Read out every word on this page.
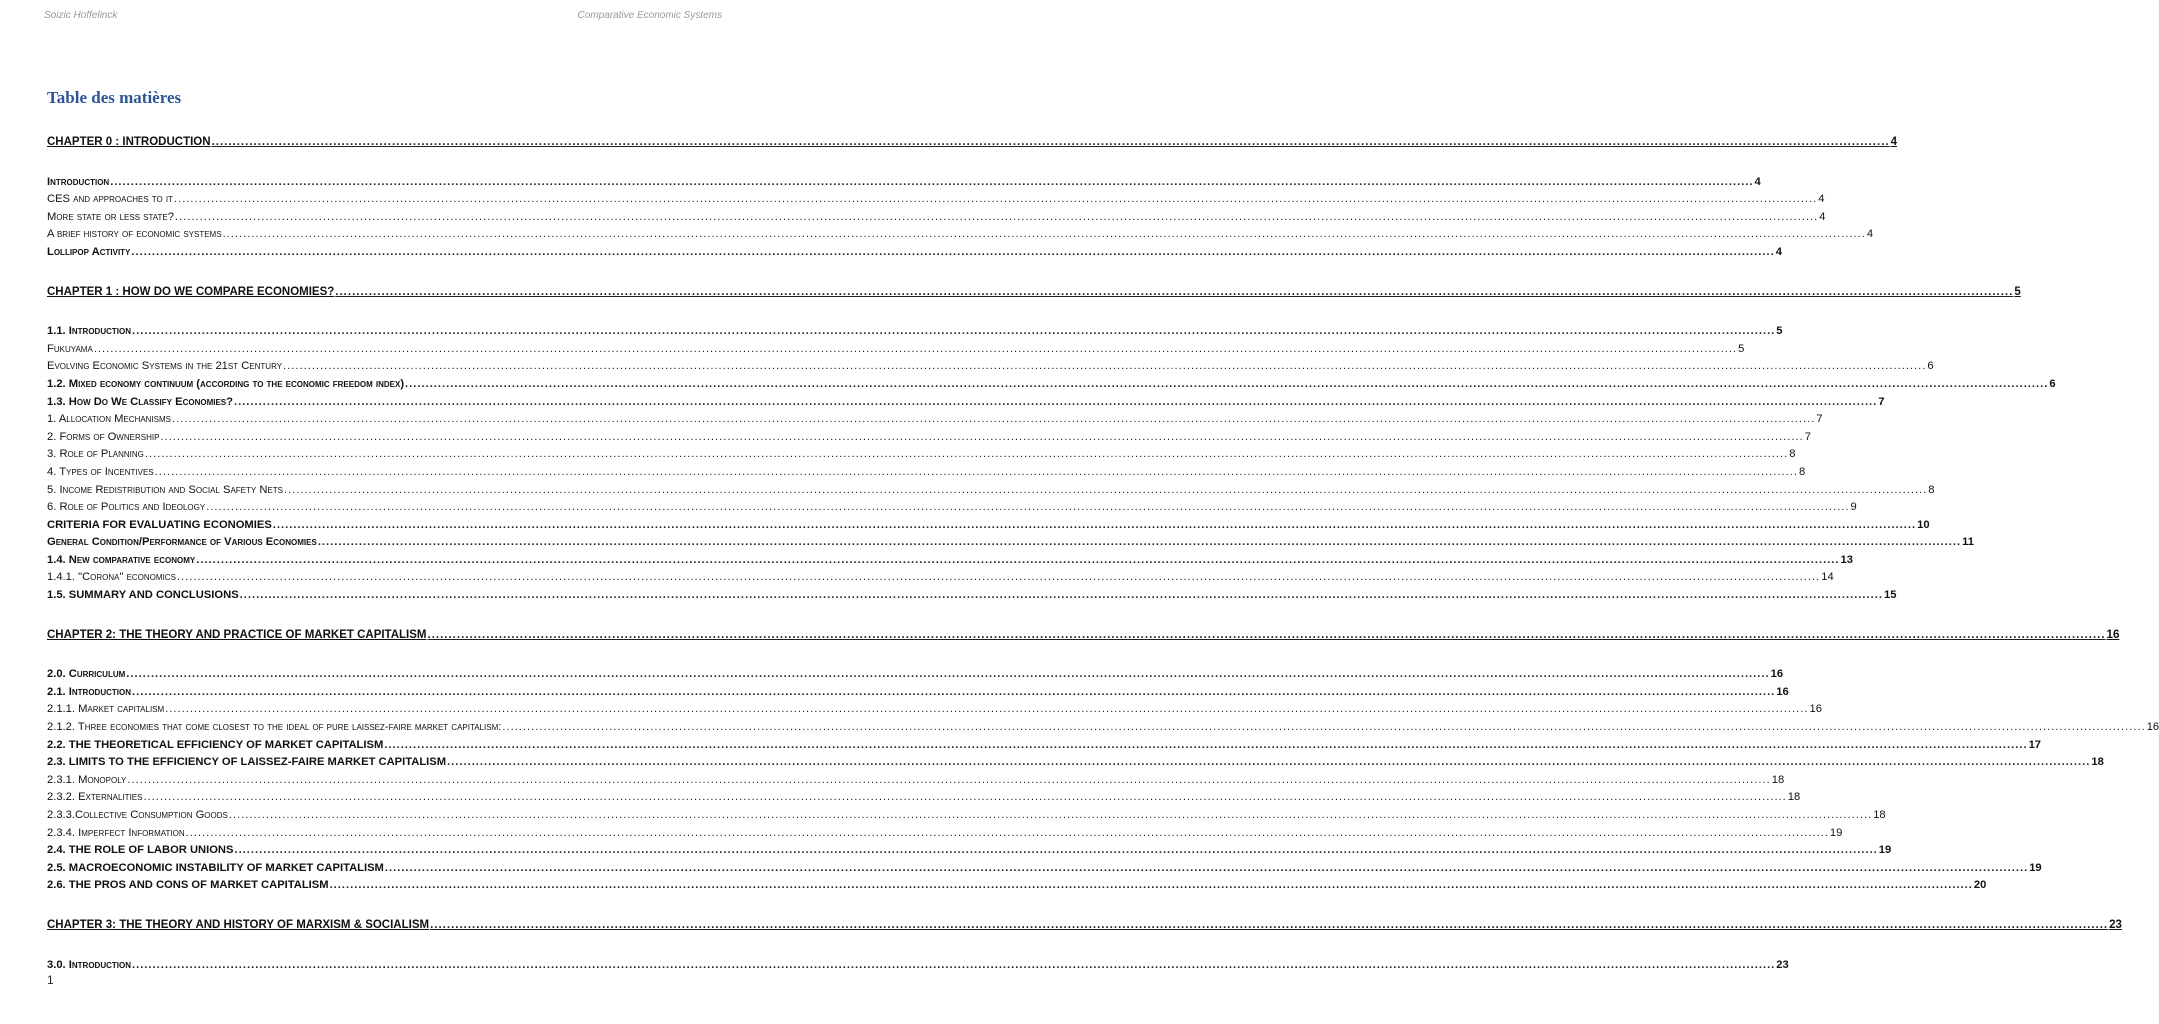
Soizic Hoffelinck	Comparative Economic Systems
Table des matières
CHAPTER 0 : INTRODUCTION ................................................................................................................................................................................................................................................................................................................................................................................................................ 4
Introduction ................................................................................................................................................................................................................................................................................................................................................................................................................ 4
CES and approaches to it ................................................................................................................................................................................................................................................................................................................................................................................................................ 4
More state or less state? ................................................................................................................................................................................................................................................................................................................................................................................................................ 4
A brief history of economic systems ................................................................................................................................................................................................................................................................................................................................................................................................................ 4
Lollipop Activity ................................................................................................................................................................................................................................................................................................................................................................................................................ 4
CHAPTER 1 : HOW DO WE COMPARE ECONOMIES? ................................................................................................................................................................................................................................................................................................................................................................................................................ 5
1.1. Introduction ................................................................................................................................................................................................................................................................................................................................................................................................................ 5
Fukuyama ................................................................................................................................................................................................................................................................................................................................................................................................................ 5
Evolving Economic Systems in the 21st Century ................................................................................................................................................................................................................................................................................................................................................................................................................ 6
1.2. Mixed economy continuum (according to the economic freedom index) ................................................................................................................................................................................................................................................................................................................................................................................................................ 6
1.3. How Do We Classify Economies? ................................................................................................................................................................................................................................................................................................................................................................................................................ 7
1. Allocation Mechanisms ................................................................................................................................................................................................................................................................................................................................................................................................................ 7
2. Forms of Ownership ................................................................................................................................................................................................................................................................................................................................................................................................................ 7
3. Role of Planning ................................................................................................................................................................................................................................................................................................................................................................................................................ 8
4. Types of Incentives ................................................................................................................................................................................................................................................................................................................................................................................................................ 8
5. Income Redistribution and Social Safety Nets ................................................................................................................................................................................................................................................................................................................................................................................................................ 8
6. Role of Politics and Ideology ................................................................................................................................................................................................................................................................................................................................................................................................................ 9
CRITERIA FOR EVALUATING ECONOMIES ................................................................................................................................................................................................................................................................................................................................................................................................................ 10
General Condition/Performance of Various Economies ................................................................................................................................................................................................................................................................................................................................................................................................................ 11
1.4. New comparative economy ................................................................................................................................................................................................................................................................................................................................................................................................................ 13
1.4.1. "Corona" economics ................................................................................................................................................................................................................................................................................................................................................................................................................ 14
1.5. SUMMARY AND CONCLUSIONS ................................................................................................................................................................................................................................................................................................................................................................................................................ 15
CHAPTER 2: THE THEORY AND PRACTICE OF MARKET CAPITALISM ................................................................................................................................................................................................................................................................................................................................................................................................................ 16
2.0. Curriculum ................................................................................................................................................................................................................................................................................................................................................................................................................ 16
2.1. Introduction ................................................................................................................................................................................................................................................................................................................................................................................................................ 16
2.1.1. Market capitalism ................................................................................................................................................................................................................................................................................................................................................................................................................ 16
2.1.2. Three economies that come closest to the ideal of pure laissez-faire market capitalism: ................................................................................................................................................................................................................................................................................................................................................................................................................ 16
2.2. THE THEORETICAL EFFICIENCY OF MARKET CAPITALISM ................................................................................................................................................................................................................................................................................................................................................................................................................ 17
2.3. LIMITS TO THE EFFICIENCY OF LAISSEZ-FAIRE MARKET CAPITALISM ................................................................................................................................................................................................................................................................................................................................................................................................................ 18
2.3.1. Monopoly ................................................................................................................................................................................................................................................................................................................................................................................................................ 18
2.3.2. Externalities ................................................................................................................................................................................................................................................................................................................................................................................................................ 18
2.3.3.Collective Consumption Goods ................................................................................................................................................................................................................................................................................................................................................................................................................ 18
2.3.4. Imperfect Information ................................................................................................................................................................................................................................................................................................................................................................................................................ 19
2.4. THE ROLE OF LABOR UNIONS ................................................................................................................................................................................................................................................................................................................................................................................................................ 19
2.5. MACROECONOMIC INSTABILITY OF MARKET CAPITALISM ................................................................................................................................................................................................................................................................................................................................................................................................................ 19
2.6. THE PROS AND CONS OF MARKET CAPITALISM ................................................................................................................................................................................................................................................................................................................................................................................................................ 20
CHAPTER 3: THE THEORY AND HISTORY OF MARXISM & SOCIALISM ................................................................................................................................................................................................................................................................................................................................................................................................................ 23
3.0. Introduction ................................................................................................................................................................................................................................................................................................................................................................................................................ 23
1
